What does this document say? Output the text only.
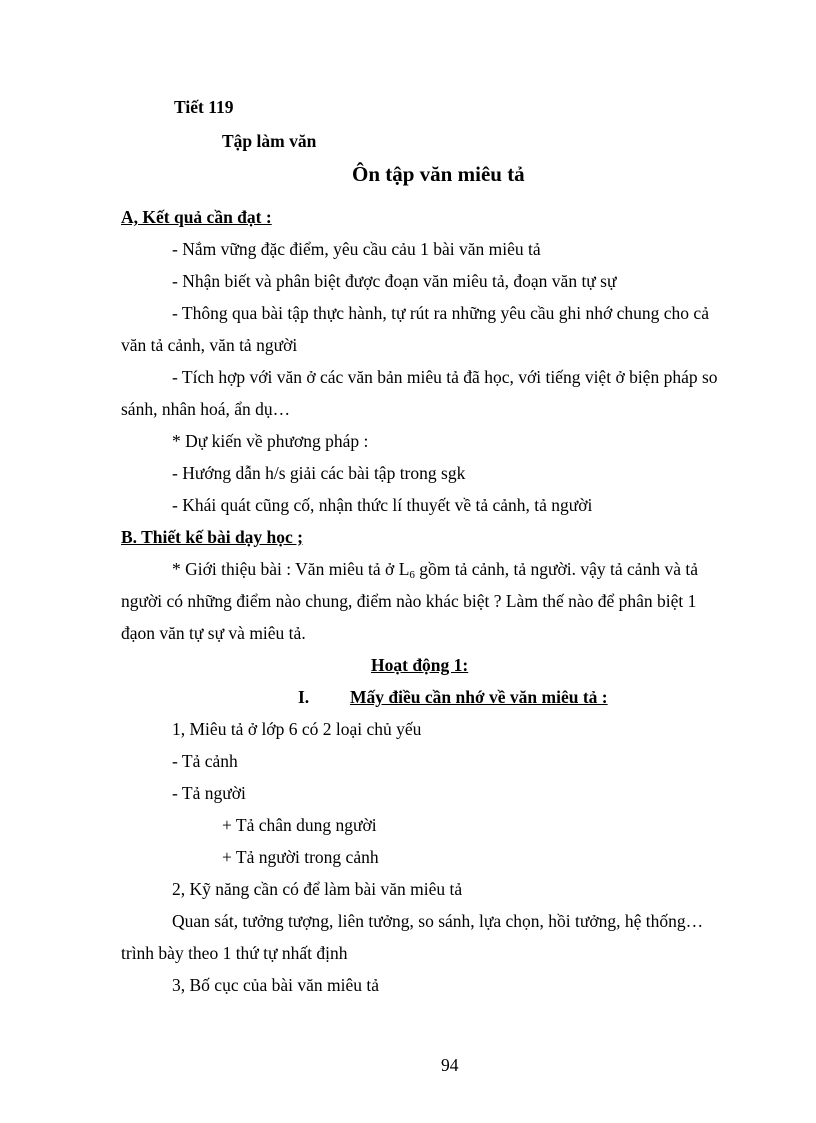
Tiết 119
Tập làm văn
Ôn tập văn miêu tả
A, Kết quả cần đạt :
- Nắm vững đặc điểm, yêu cầu cảu 1 bài văn miêu tả
- Nhận biết và phân biệt được đoạn văn miêu tả, đoạn văn tự sự
- Thông qua bài tập thực hành, tự rút ra những yêu cầu ghi nhớ chung cho cả
văn tả cảnh, văn tả người
- Tích hợp với văn ở các văn bản miêu tả đã học, với tiếng việt ở biện pháp so
sánh, nhân hoá, ẩn dụ…
* Dự kiến về phương pháp :
- Hướng dẫn h/s giải các bài tập trong sgk
- Khái quát cũng cố, nhận thức lí thuyết về tả cảnh, tả người
B. Thiết kế bài dạy học ;
* Giới thiệu bài : Văn miêu tả ở $L_6$ gồm tả cảnh, tả người. vậy tả cảnh và tả
người có những điểm nào chung, điểm nào khác biệt ? Làm thế nào để phân biệt 1
đạon văn tự sự và miêu tả.
Hoạt động 1:
I. Mấy điều cần nhớ về văn miêu tả :
1, Miêu tả ở lớp 6 có 2 loại chủ yếu
- Tả cảnh
- Tả người
+ Tả chân dung người
+ Tả người trong cảnh
2, Kỹ năng cần có để làm bài văn miêu tả
Quan sát, tưởng tượng, liên tưởng, so sánh, lựa chọn, hồi tưởng, hệ thống…
trình bày theo 1 thứ tự nhất định
3, Bố cục của bài văn miêu tả
94
